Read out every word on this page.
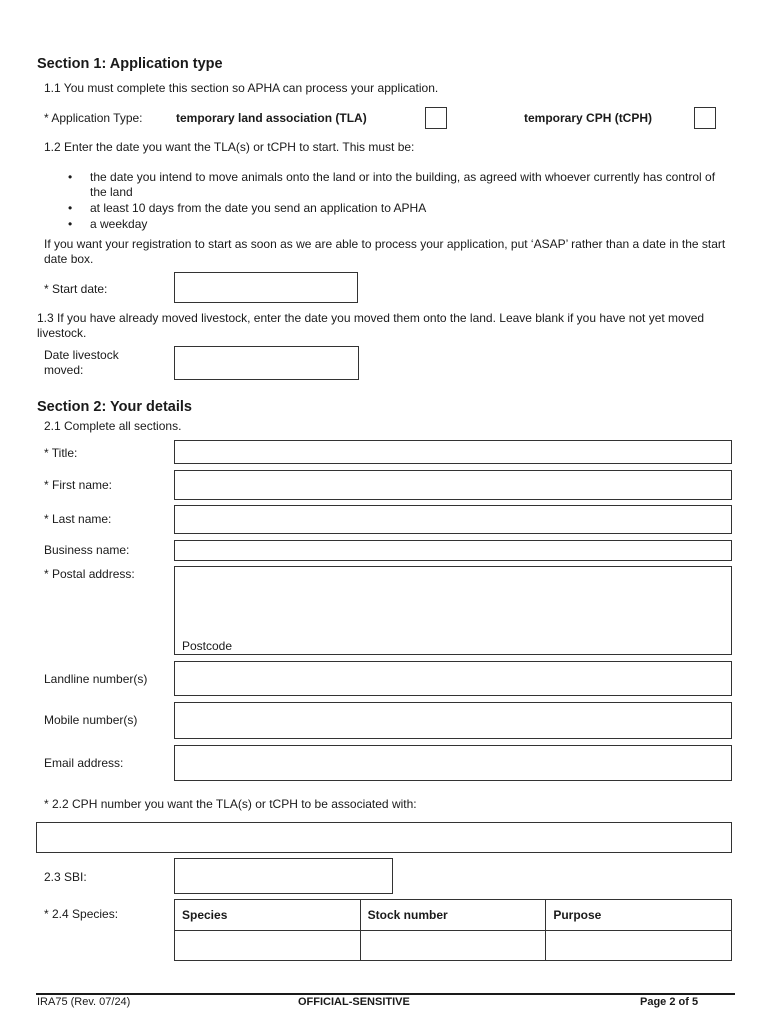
Section 1: Application type
1.1 You must complete this section so APHA can process your application.
* Application Type:	temporary land association (TLA)	temporary CPH (tCPH)
1.2 Enter the date you want the TLA(s) or tCPH to start. This must be:
• the date you intend to move animals onto the land or into the building, as agreed with whoever currently has control of the land
• at least 10 days from the date you send an application to APHA
• a weekday
If you want your registration to start as soon as we are able to process your application, put ‘ASAP’ rather than a date in the start date box.
* Start date:
1.3 If you have already moved livestock, enter the date you moved them onto the land. Leave blank if you have not yet moved livestock.
Date livestock moved:
Section 2: Your details
2.1 Complete all sections.
* Title:
* First name:
* Last name:
Business name:
* Postal address:
Postcode
Landline number(s)
Mobile number(s)
Email address:
* 2.2 CPH number you want the TLA(s) or tCPH to be associated with:
2.3 SBI:
* 2.4 Species:	Species	Stock number	Purpose

IRA75 (Rev. 07/24)	OFFICIAL-SENSITIVE	Page 2 of 5
